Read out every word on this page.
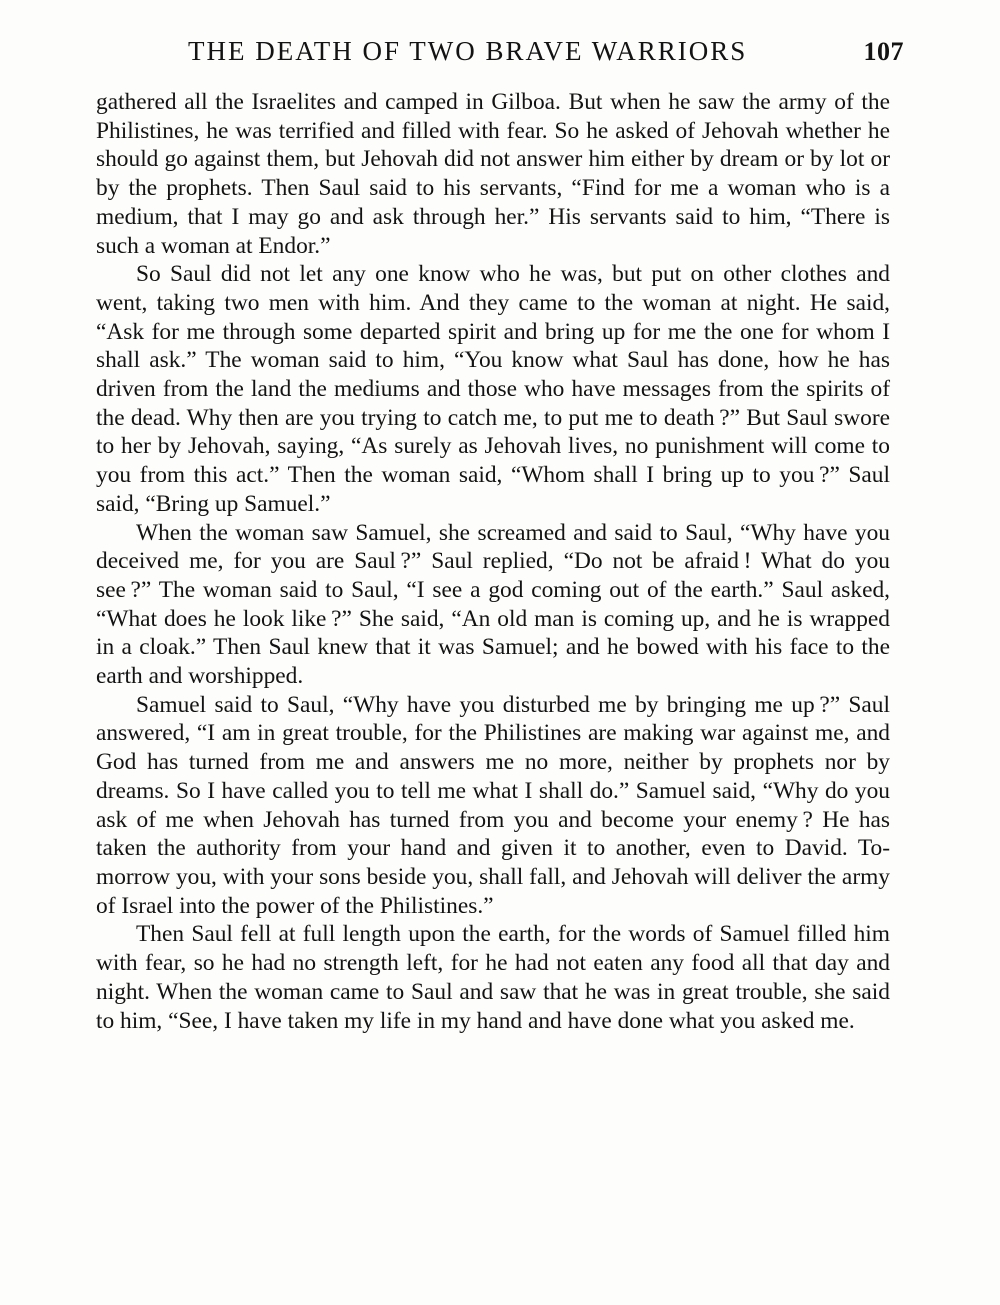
THE DEATH OF TWO BRAVE WARRIORS	107

gathered all the Israelites and camped in Gilboa. But when he saw the army of the Philistines, he was terrified and filled with fear. So he asked of Jehovah whether he should go against them, but Jehovah did not answer him either by dream or by lot or by the prophets. Then Saul said to his servants, “Find for me a woman who is a medium, that I may go and ask through her.” His servants said to him, “There is such a woman at Endor.”

So Saul did not let any one know who he was, but put on other clothes and went, taking two men with him. And they came to the woman at night. He said, “Ask for me through some departed spirit and bring up for me the one for whom I shall ask.” The woman said to him, “You know what Saul has done, how he has driven from the land the mediums and those who have messages from the spirits of the dead. Why then are you trying to catch me, to put me to death ?” But Saul swore to her by Jehovah, saying, “As surely as Jehovah lives, no punishment will come to you from this act.” Then the woman said, “Whom shall I bring up to you ?” Saul said, “Bring up Samuel.”

When the woman saw Samuel, she screamed and said to Saul, “Why have you deceived me, for you are Saul ?” Saul replied, “Do not be afraid ! What do you see ?” The woman said to Saul, “I see a god coming out of the earth.” Saul asked, “What does he look like ?” She said, “An old man is coming up, and he is wrapped in a cloak.” Then Saul knew that it was Samuel; and he bowed with his face to the earth and worshipped.

Samuel said to Saul, “Why have you disturbed me by bringing me up ?” Saul answered, “I am in great trouble, for the Philistines are making war against me, and God has turned from me and answers me no more, neither by prophets nor by dreams. So I have called you to tell me what I shall do.” Samuel said, “Why do you ask of me when Jehovah has turned from you and become your enemy ? He has taken the authority from your hand and given it to another, even to David. To-morrow you, with your sons beside you, shall fall, and Jehovah will deliver the army of Israel into the power of the Philistines.”

Then Saul fell at full length upon the earth, for the words of Samuel filled him with fear, so he had no strength left, for he had not eaten any food all that day and night. When the woman came to Saul and saw that he was in great trouble, she said to him, “See, I have taken my life in my hand and have done what you asked me.
